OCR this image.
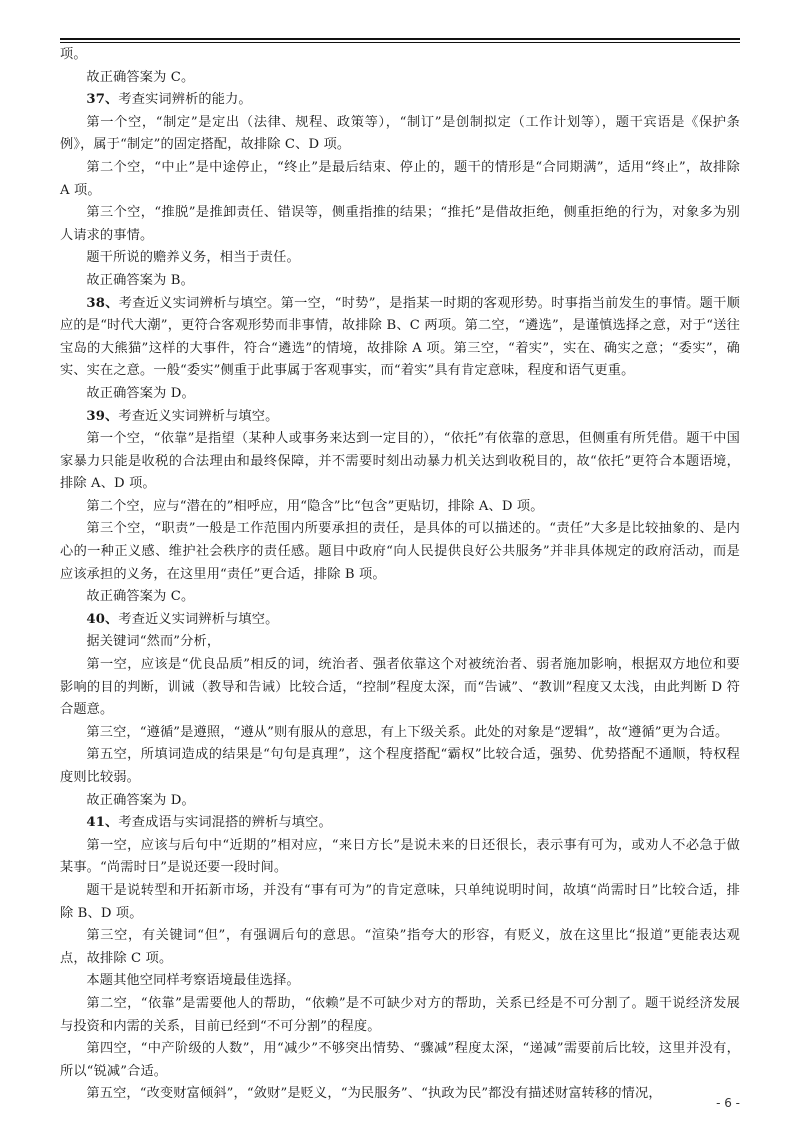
项。

故正确答案为 C。

37、考查实词辨析的能力。

第一个空，“制定”是定出（法律、规程、政策等），“制订”是创制拟定（工作计划等），题干宾语是《保护条例》，属于“制定”的固定搭配，故排除 C、D 项。

第二个空，“中止”是中途停止，“终止”是最后结束、停止的，题干的情形是“合同期满”，适用“终止”，故排除 A 项。

第三个空，“推脱”是推卸责任、错误等，侧重指推的结果；“推托”是借故拒绝，侧重拒绝的行为，对象多为别人请求的事情。

题干所说的赡养义务，相当于责任。

故正确答案为 B。

38、考查近义实词辨析与填空。第一空，“时势”，是指某一时期的客观形势。时事指当前发生的事情。题干顺应的是“时代大潮”，更符合客观形势而非事情，故排除 B、C 两项。第二空，“遴选”，是谨慎选择之意，对于“送往宝岛的大熊猫”这样的大事件，符合“遴选”的情境，故排除 A 项。第三空，“着实”，实在、确实之意；“委实”，确实、实在之意。一般“委实”侧重于此事属于客观事实，而“着实”具有肯定意味，程度和语气更重。

故正确答案为 D。

39、考查近义实词辨析与填空。

第一个空，“依靠”是指望（某种人或事务来达到一定目的），“依托”有依靠的意思，但侧重有所凭借。题干中国家暴力只能是收税的合法理由和最终保障，并不需要时刻出动暴力机关达到收税目的，故“依托”更符合本题语境，排除 A、D 项。

第二个空，应与“潜在的”相呼应，用“隐含”比“包含”更贴切，排除 A、D 项。

第三个空，“职责”一般是工作范围内所要承担的责任，是具体的可以描述的。“责任”大多是比较抽象的、是内心的一种正义感、维护社会秩序的责任感。题目中政府“向人民提供良好公共服务”并非具体规定的政府活动，而是应该承担的义务，在这里用“责任”更合适，排除 B 项。

故正确答案为 C。

40、考查近义实词辨析与填空。

据关键词“然而”分析，

第一空，应该是“优良品质”相反的词，统治者、强者依靠这个对被统治者、弱者施加影响，根据双方地位和要影响的目的判断，训诫（教导和告诫）比较合适，“控制”程度太深，而“告诫”、“教训”程度又太浅，由此判断 D 符合题意。

第三空，“遵循”是遵照，“遵从”则有服从的意思，有上下级关系。此处的对象是“逻辑”，故“遵循”更为合适。

第五空，所填词造成的结果是“句句是真理”，这个程度搭配“霸权”比较合适，强势、优势搭配不通顺，特权程度则比较弱。

故正确答案为 D。

41、考查成语与实词混搭的辨析与填空。

第一空，应该与后句中“近期的”相对应，“来日方长”是说未来的日还很长，表示事有可为，或劝人不必急于做某事。“尚需时日”是说还要一段时间。

题干是说转型和开拓新市场，并没有“事有可为”的肯定意味，只单纯说明时间，故填“尚需时日”比较合适，排除 B、D 项。

第三空，有关键词“但”，有强调后句的意思。“渲染”指夸大的形容，有贬义，放在这里比“报道”更能表达观点，故排除 C 项。

本题其他空同样考察语境最佳选择。

第二空，“依靠”是需要他人的帮助，“依赖”是不可缺少对方的帮助，关系已经是不可分割了。题干说经济发展与投资和内需的关系，目前已经到“不可分割”的程度。

第四空，“中产阶级的人数”，用“减少”不够突出情势、“骤减”程度太深，“递减”需要前后比较，这里并没有，所以“锐减”合适。

第五空，“改变财富倾斜”，“敛财”是贬义，“为民服务”、“执政为民”都没有描述财富转移的情况，

- 6 -
